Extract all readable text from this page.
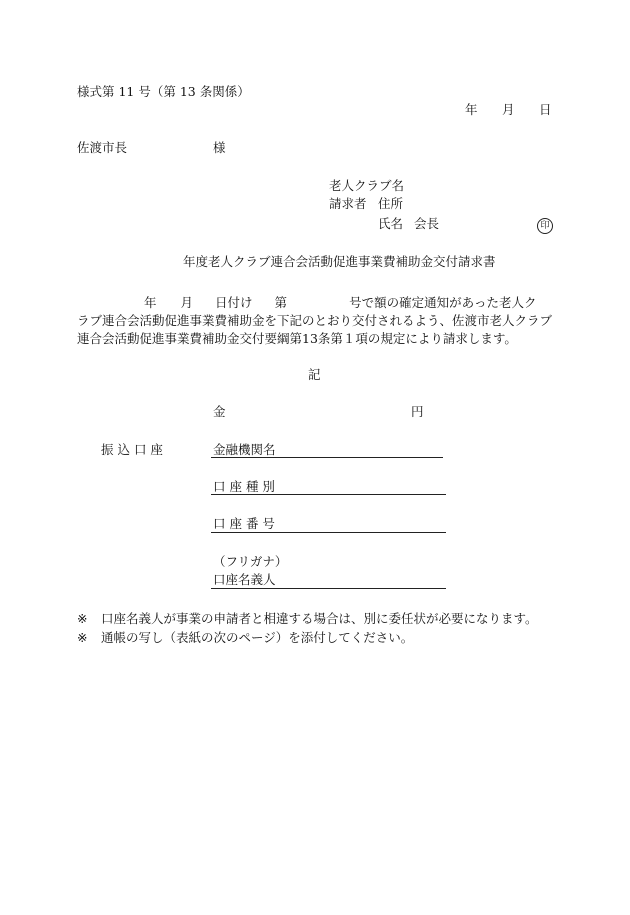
様式第 11 号（第 13 条関係）
年 月 日
佐渡市長	様
老人クラブ名
請求者 住所
氏名 会長	印
年度老人クラブ連合会活動促進事業費補助金交付請求書
年 月 日付け 第	号で額の確定通知があった老人ク
ラブ連合会活動促進事業費補助金を下記のとおり交付されるよう、佐渡市老人クラブ
連合会活動促進事業費補助金交付要綱第13条第１項の規定により請求します。
記
金	円
振 込 口 座	金融機関名
口 座 種 別
口 座 番 号
（フリガナ）
口座名義人
※ 口座名義人が事業の申請者と相違する場合は、別に委任状が必要になります。
※ 通帳の写し（表紙の次のページ）を添付してください。
